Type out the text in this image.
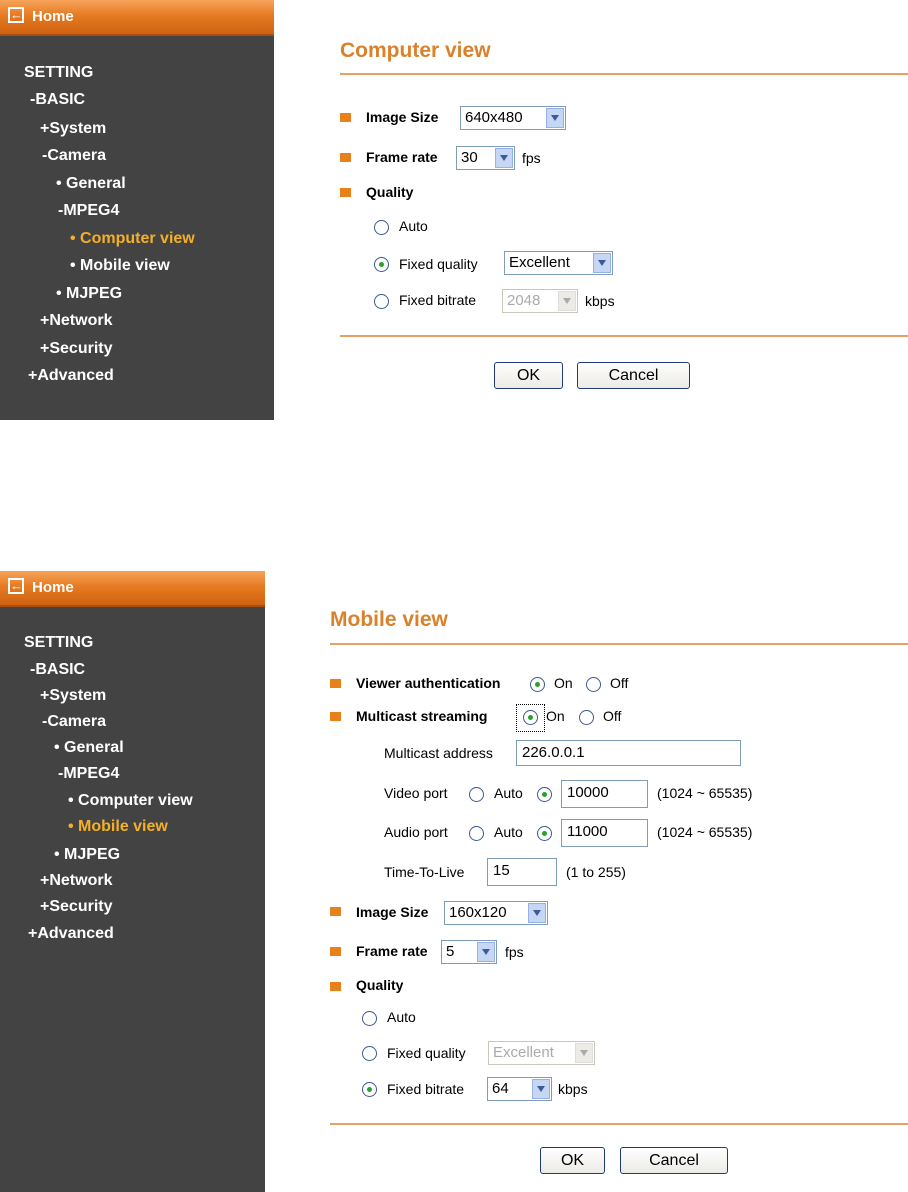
← Home
SETTING
-BASIC
+System
-Camera
• General
-MPEG4
• Computer view
• Mobile view
• MJPEG
+Network
+Security
+Advanced
Computer view
Image Size 640x480
Frame rate 30	fps
Quality
Auto
Fixed quality Excellent
Fixed bitrate 2048	kbps
OK	Cancel
← Home
SETTING
-BASIC
+System
-Camera
• General
-MPEG4
• Computer view
• Mobile view
• MJPEG
+Network
+Security
+Advanced
Mobile view
Viewer authentication	On	Off
Multicast streaming	On	Off
Multicast address	226.0.0.1
Video port	Auto	10000	(1024 ~ 65535)
Audio port	Auto	11000	(1024 ~ 65535)
Time-To-Live	15	(1 to 255)
Image Size 160x120
Frame rate 5	fps
Quality
Auto
Fixed quality Excellent
Fixed bitrate 64	kbps
OK	Cancel
